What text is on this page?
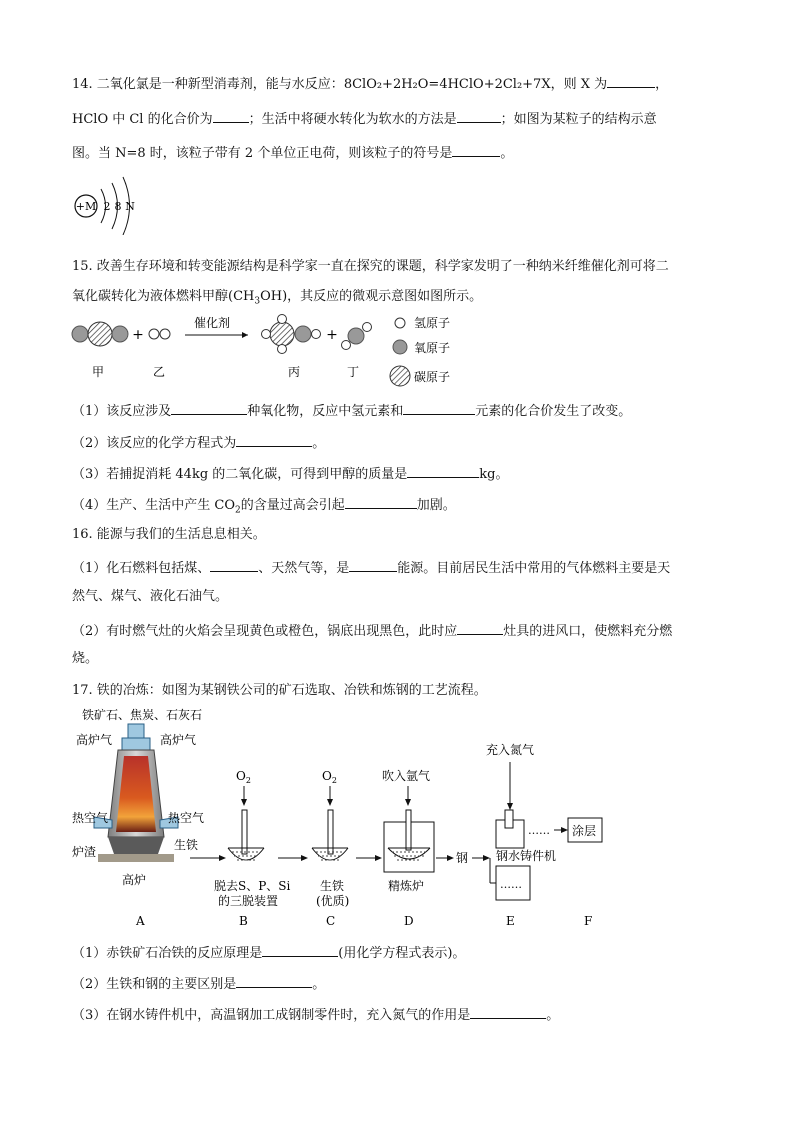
14. 二氧化氯是一种新型消毒剂，能与水反应：8ClO₂+2H₂O=4HClO+2Cl₂+7X，则 X 为	，
HClO 中 Cl 的化合价为	；生活中将硬水转化为软水的方法是	；如图为某粒子的结构示意
图。当 N=8 时，该粒子带有 2 个单位正电荷，则该粒子的符号是	。
+M 2 8 N
15. 改善生存环境和转变能源结构是科学家一直在探究的课题，科学家发明了一种纳米纤维催化剂可将二
氧化碳转化为液体燃料甲醇$(CH_3OH)$，其反应的微观示意图如图所示。
+
催化剂
+
氢原子
氧原子
碳原子
甲	乙	丙	丁
（1）该反应涉及	种氧化物，反应中氢元素和	元素的化合价发生了改变。
（2）该反应的化学方程式为	。
（3）若捕捉消耗 44kg 的二氧化碳，可得到甲醇的质量是	kg。
（4）生产、生活中产生 $CO_2$的含量过高会引起	加剧。
16. 能源与我们的生活息息相关。
（1）化石燃料包括煤、	、天然气等，是	能源。目前居民生活中常用的气体燃料主要是天
然气、煤气、液化石油气。
（2）有时燃气灶的火焰会呈现黄色或橙色，锅底出现黑色，此时应	灶具的进风口，使燃料充分燃
烧。
17. 铁的冶炼：如图为某钢铁公司的矿石选取、冶铁和炼钢的工艺流程。
铁矿石、焦炭、石灰石
高炉气	高炉气
热空气	热空气
炉渣	生铁
高炉
$O_2$
脱去S、P、Si
的三脱装置
$O_2$
生铁
(优质)
吹入氩气
精炼炉
钢
充入氮气
钢水铸件机
……
…… 涂层
A	B	C	D	E	F
（1）赤铁矿石冶铁的反应原理是	(用化学方程式表示)。
（2）生铁和钢的主要区别是	。
（3）在钢水铸件机中，高温钢加工成钢制零件时，充入氮气的作用是	。
